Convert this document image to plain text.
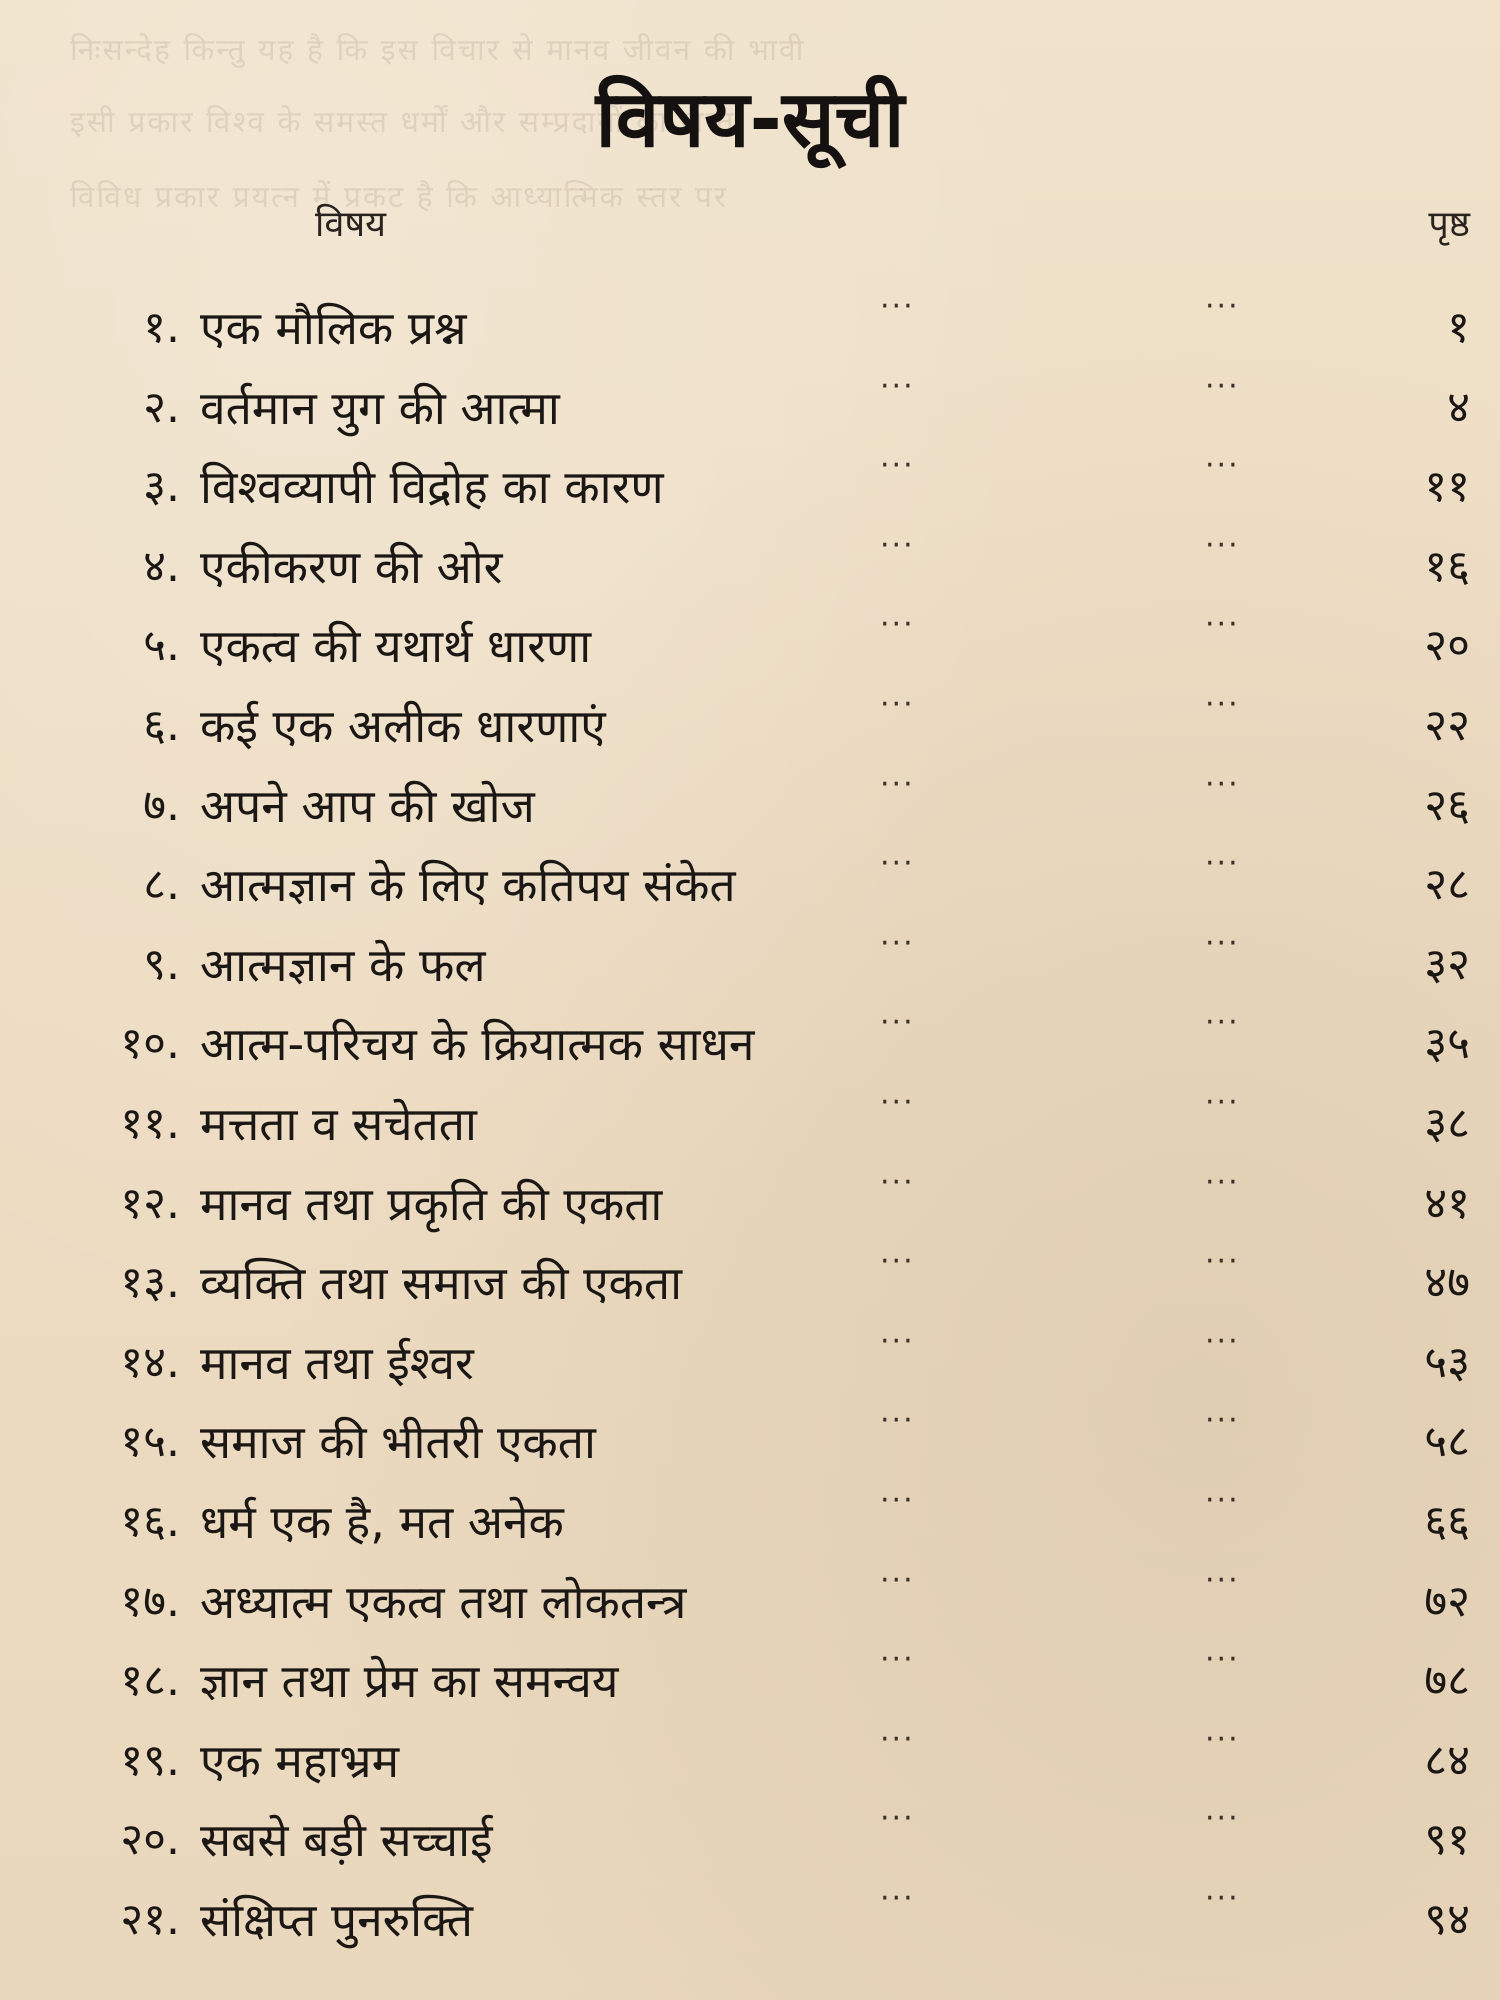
निःसन्देह किन्तु यह है कि इस विचार से मानव जीवन की भावी
इसी प्रकार विश्व के समस्त धर्मों और सम्प्रदायों का अन्त
विविध प्रकार प्रयत्न में प्रकट है कि आध्यात्मिक स्तर पर
विषय-सूची
विषय	पृष्ठ
१. एक मौलिक प्रश्न	···	···	१
२. वर्तमान युग की आत्मा	···	···	४
३. विश्वव्यापी विद्रोह का कारण	···	···	११
४. एकीकरण की ओर	···	···	१६
५. एकत्व की यथार्थ धारणा	···	···	२०
६. कई एक अलीक धारणाएं	···	···	२२
७. अपने आप की खोज	···	···	२६
८. आत्मज्ञान के लिए कतिपय संकेत	···	···	२८
९. आत्मज्ञान के फल	···	···	३२
१०. आत्म-परिचय के क्रियात्मक साधन	···	···	३५
११. मत्तता व सचेतता	···	···	३८
१२. मानव तथा प्रकृति की एकता	···	···	४१
१३. व्यक्ति तथा समाज की एकता	···	···	४७
१४. मानव तथा ईश्वर	···	···	५३
१५. समाज की भीतरी एकता	···	···	५८
१६. धर्म एक है, मत अनेक	···	···	६६
१७. अध्यात्म एकत्व तथा लोकतन्त्र	···	···	७२
१८. ज्ञान तथा प्रेम का समन्वय	···	···	७८
१९. एक महाभ्रम	···	···	८४
२०. सबसे बड़ी सच्चाई	···	···	९१
२१. संक्षिप्त पुनरुक्ति	···	···	९४
